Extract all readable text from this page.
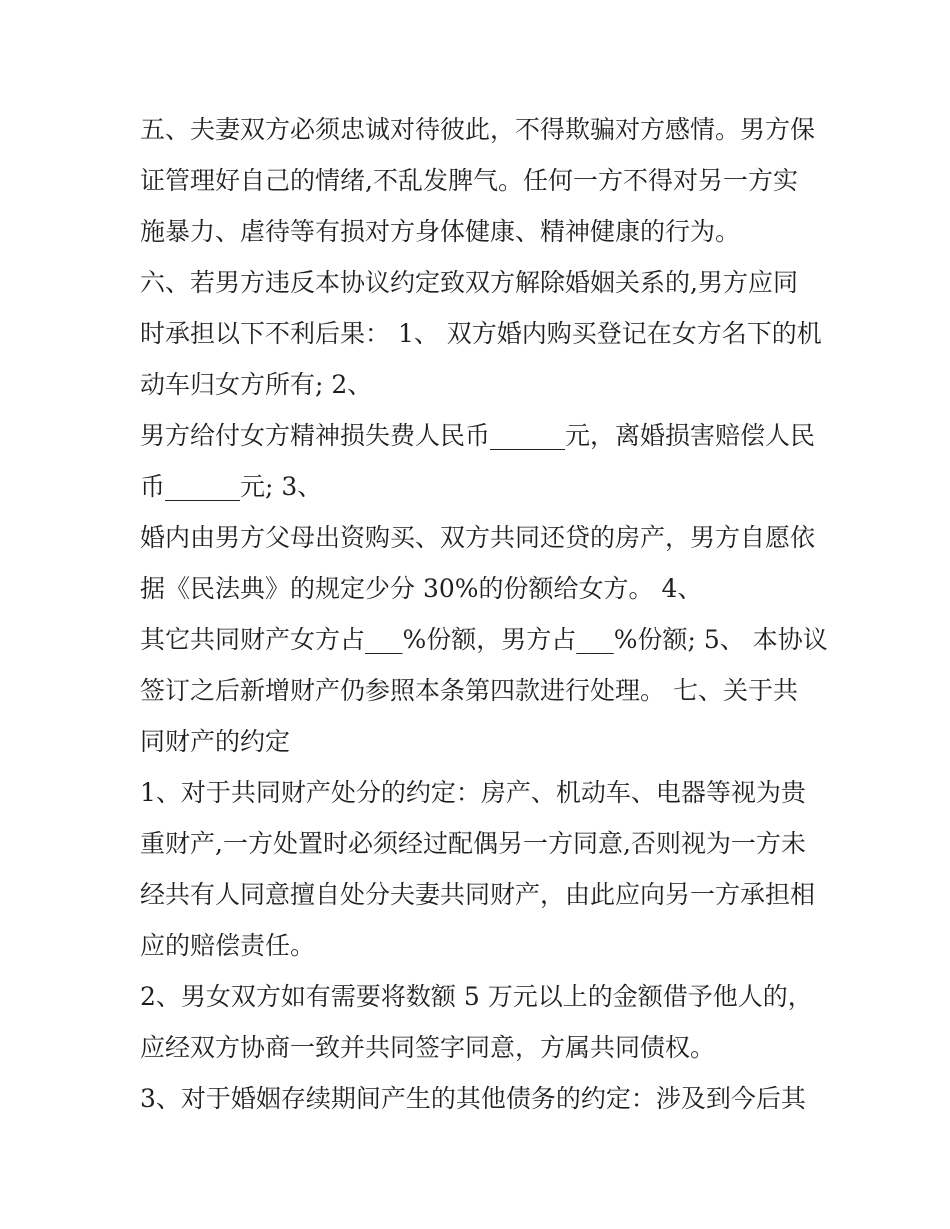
五、夫妻双方必须忠诚对待彼此，不得欺骗对方感情。男方保
证管理好自己的情绪,不乱发脾气。任何一方不得对另一方实
施暴力、虐待等有损对方身体健康、精神健康的行为。
六、若男方违反本协议约定致双方解除婚姻关系的,男方应同
时承担以下不利后果： 1、 双方婚内购买登记在女方名下的机
动车归女方所有; 2、
男方给付女方精神损失费人民币______元，离婚损害赔偿人民
币______元; 3、
婚内由男方父母出资购买、双方共同还贷的房产，男方自愿依
据《民法典》的规定少分 30%的份额给女方。 4、
其它共同财产女方占___%份额，男方占___%份额; 5、 本协议
签订之后新增财产仍参照本条第四款进行处理。 七、关于共
同财产的约定
1、对于共同财产处分的约定：房产、机动车、电器等视为贵
重财产,一方处置时必须经过配偶另一方同意,否则视为一方未
经共有人同意擅自处分夫妻共同财产，由此应向另一方承担相
应的赔偿责任。
2、男女双方如有需要将数额 5 万元以上的金额借予他人的，
应经双方协商一致并共同签字同意，方属共同债权。
3、对于婚姻存续期间产生的其他债务的约定：涉及到今后其
